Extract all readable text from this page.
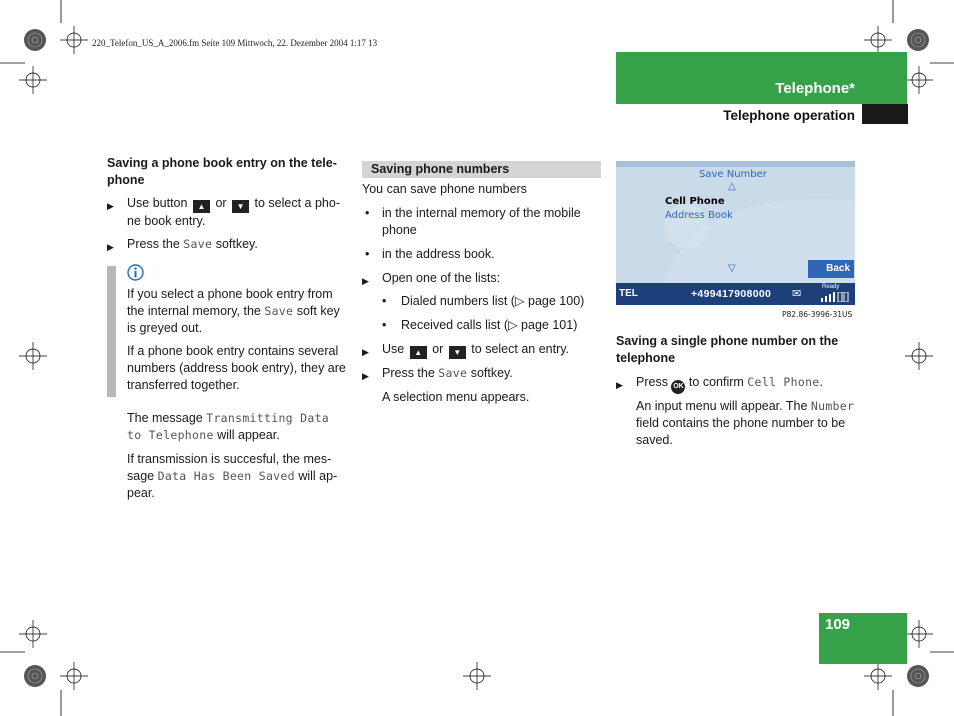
220_Telefon_US_A_2006.fm Seite 109 Mittwoch, 22. Dezember 2004 1:17 13
Telephone*
Telephone operation
Saving a phone book entry on the tele-
phone
▶ Use button ▲ or ▼ to select a pho-
ne book entry.
▶ Press the Save softkey.
If you select a phone book entry from
the internal memory, the Save soft key
is greyed out.
If a phone book entry contains several
numbers (address book entry), they are
transferred together.
The message Transmitting Data
to Telephone will appear.
If transmission is succesful, the mes-
sage Data Has Been Saved will ap-
pear.
Saving phone numbers
You can save phone numbers
• in the internal memory of the mobile
phone
• in the address book.
▶ Open one of the lists:
• Dialed numbers list (▷ page 100)
• Received calls list (▷ page 101)
▶ Use ▲ or ▼ to select an entry.
▶ Press the Save softkey.
A selection menu appears.
Save Number
△
Cell Phone
Address Book
▽	Back
TEL	+499417908000 ✉
Ready
P82.86-3996-31US
Saving a single phone number on the
telephone
▶ Press OK to confirm Cell Phone.
An input menu will appear. The Number
field contains the phone number to be
saved.
109
